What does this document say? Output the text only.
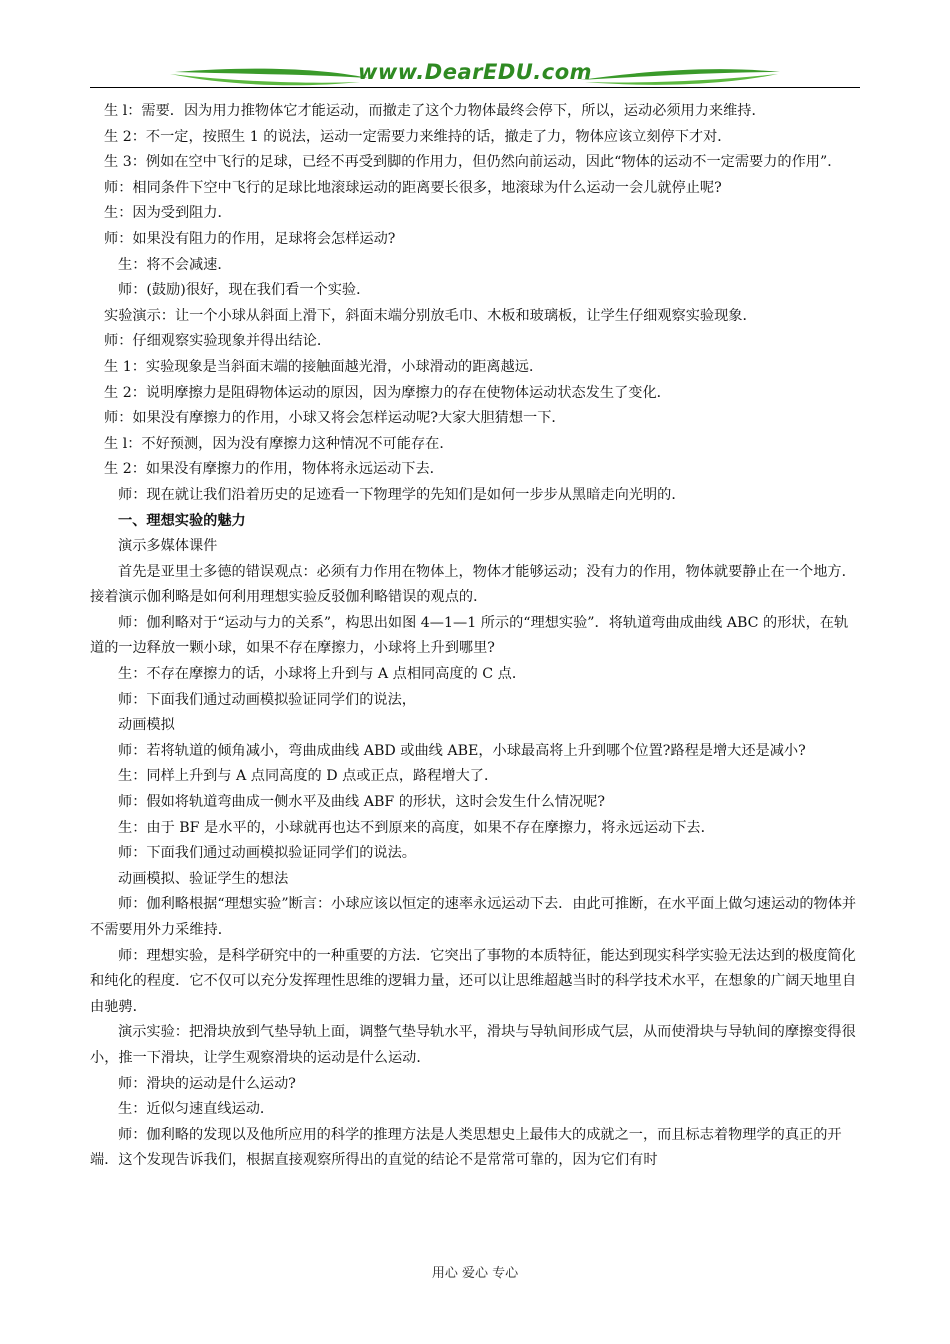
www.DearEDU.com

生 l：需要．因为用力推物体它才能运动，而撤走了这个力物体最终会停下，所以，运动必须用力来维持．

生 2：不一定，按照生 1 的说法，运动一定需要力来维持的话，撤走了力，物体应该立刻停下才对．

生 3：例如在空中飞行的足球，已经不再受到脚的作用力，但仍然向前运动，因此“物体的运动不一定需要力的作用”．

师：相同条件下空中飞行的足球比地滚球运动的距离要长很多，地滚球为什么运动一会儿就停止呢?

生：因为受到阻力．

师：如果没有阻力的作用，足球将会怎样运动?

生：将不会减速．

师：(鼓励)很好，现在我们看一个实验．

实验演示：让一个小球从斜面上滑下，斜面末端分别放毛巾、木板和玻璃板，让学生仔细观察实验现象．

师：仔细观察实验现象并得出结论．

生 1：实验现象是当斜面末端的接触面越光滑，小球滑动的距离越远．

生 2：说明摩擦力是阻碍物体运动的原因，因为摩擦力的存在使物体运动状态发生了变化．

师：如果没有摩擦力的作用，小球又将会怎样运动呢?大家大胆猜想一下．

生 l：不好预测，因为没有摩擦力这种情况不可能存在．

生 2：如果没有摩擦力的作用，物体将永远运动下去．

师：现在就让我们沿着历史的足迹看一下物理学的先知们是如何一步步从黑暗走向光明的．

一、理想实验的魅力

演示多媒体课件

首先是亚里士多德的错误观点：必须有力作用在物体上，物体才能够运动；没有力的作用，物体就要静止在一个地方．接着演示伽利略是如何利用理想实验反驳伽利略错误的观点的．

师：伽利略对于“运动与力的关系”，构思出如图 4—1—1 所示的“理想实验”．将轨道弯曲成曲线 ABC 的形状，在轨道的一边释放一颗小球，如果不存在摩擦力，小球将上升到哪里?

生：不存在摩擦力的话，小球将上升到与 A 点相同高度的 C 点．

师：下面我们通过动画模拟验证同学们的说法，

动画模拟

师：若将轨道的倾角减小，弯曲成曲线 ABD 或曲线 ABE，小球最高将上升到哪个位置?路程是增大还是减小?

生：同样上升到与 A 点同高度的 D 点或正点，路程增大了．

师：假如将轨道弯曲成一侧水平及曲线 ABF 的形状，这时会发生什么情况呢?

生：由于 BF 是水平的，小球就再也达不到原来的高度，如果不存在摩擦力，将永远运动下去．

师：下面我们通过动画模拟验证同学们的说法。

动画模拟、验证学生的想法

师：伽利略根据“理想实验”断言：小球应该以恒定的速率永远运动下去．由此可推断，在水平面上做匀速运动的物体并不需要用外力采维持．

师：理想实验，是科学研究中的一种重要的方法．它突出了事物的本质特征，能达到现实科学实验无法达到的极度简化和纯化的程度．它不仅可以充分发挥理性思维的逻辑力量，还可以让思维超越当时的科学技术水平，在想象的广阔天地里自由驰骋．

演示实验：把滑块放到气垫导轨上面，调整气垫导轨水平，滑块与导轨间形成气层，从而使滑块与导轨间的摩擦变得很小，推一下滑块，让学生观察滑块的运动是什么运动．

师：滑块的运动是什么运动?

生：近似匀速直线运动．

师：伽利略的发现以及他所应用的科学的推理方法是人类思想史上最伟大的成就之一，而且标志着物理学的真正的开端．这个发现告诉我们，根据直接观察所得出的直觉的结论不是常常可靠的，因为它们有时

用心 爱心 专心
